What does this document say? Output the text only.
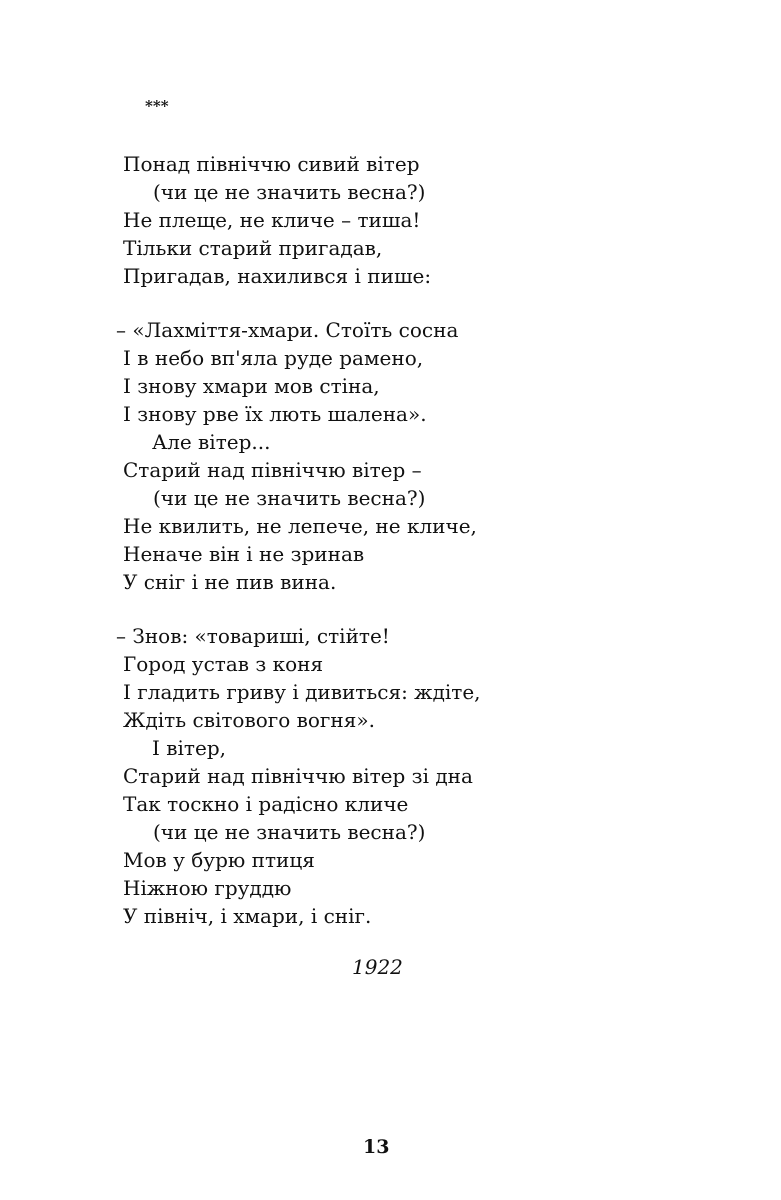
***
Понад північчю сивий вітер
(чи це не значить весна?)
Не плеще, не кличе – тиша!
Тільки старий пригадав,
Пригадав, нахилився і пише:
– «Лахміття-хмари. Стоїть сосна
І в небо вп'яла руде рамено,
І знову хмари мов стіна,
І знову рве їх лють шалена».
Але вітер...
Старий над північчю вітер –
(чи це не значить весна?)
Не квилить, не лепече, не кличе,
Неначе він і не зринав
У сніг і не пив вина.
– Знов: «товариші, стійте!
Город устав з коня
І гладить гриву і дивиться: ждіте,
Ждіть світового вогня».
І вітер,
Старий над північчю вітер зі дна
Так тоскно і радісно кличе
(чи це не значить весна?)
Мов у бурю птиця
Ніжною груддю
У північ, і хмари, і сніг.
1922
13
